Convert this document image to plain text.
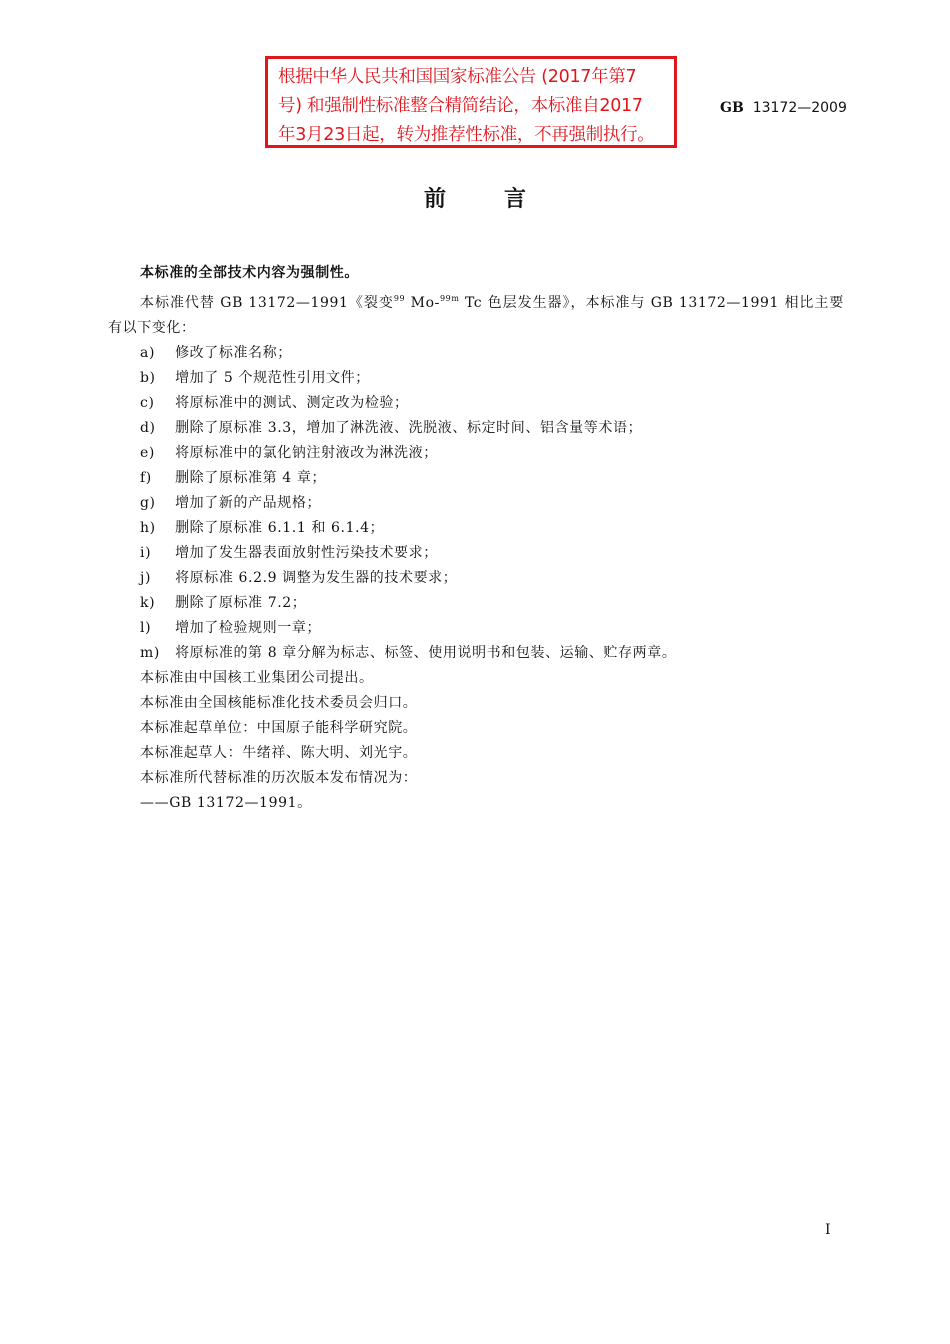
根据中华人民共和国国家标准公告 (2017年第7
号) 和强制性标准整合精简结论，本标准自2017
年3月23日起，转为推荐性标准，不再强制执行。
GB 13172—2009
前言
本标准的全部技术内容为强制性。
本标准代替 GB 13172—1991《裂变$^{99}$ Mo-$^{99m}$ Tc 色层发生器》，本标准与 GB 13172—1991 相比主要
有以下变化：
a) 修改了标准名称；
b) 增加了 5 个规范性引用文件；
c) 将原标准中的测试、测定改为检验；
d) 删除了原标准 3.3，增加了淋洗液、洗脱液、标定时间、铝含量等术语；
e) 将原标准中的氯化钠注射液改为淋洗液；
f) 删除了原标准第 4 章；
g) 增加了新的产品规格；
h) 删除了原标准 6.1.1 和 6.1.4；
i) 增加了发生器表面放射性污染技术要求；
j) 将原标准 6.2.9 调整为发生器的技术要求；
k) 删除了原标准 7.2；
l) 增加了检验规则一章；
m) 将原标准的第 8 章分解为标志、标签、使用说明书和包装、运输、贮存两章。
本标准由中国核工业集团公司提出。
本标准由全国核能标准化技术委员会归口。
本标准起草单位：中国原子能科学研究院。
本标准起草人：牛绪祥、陈大明、刘光宇。
本标准所代替标准的历次版本发布情况为：
——GB 13172—1991。
I
